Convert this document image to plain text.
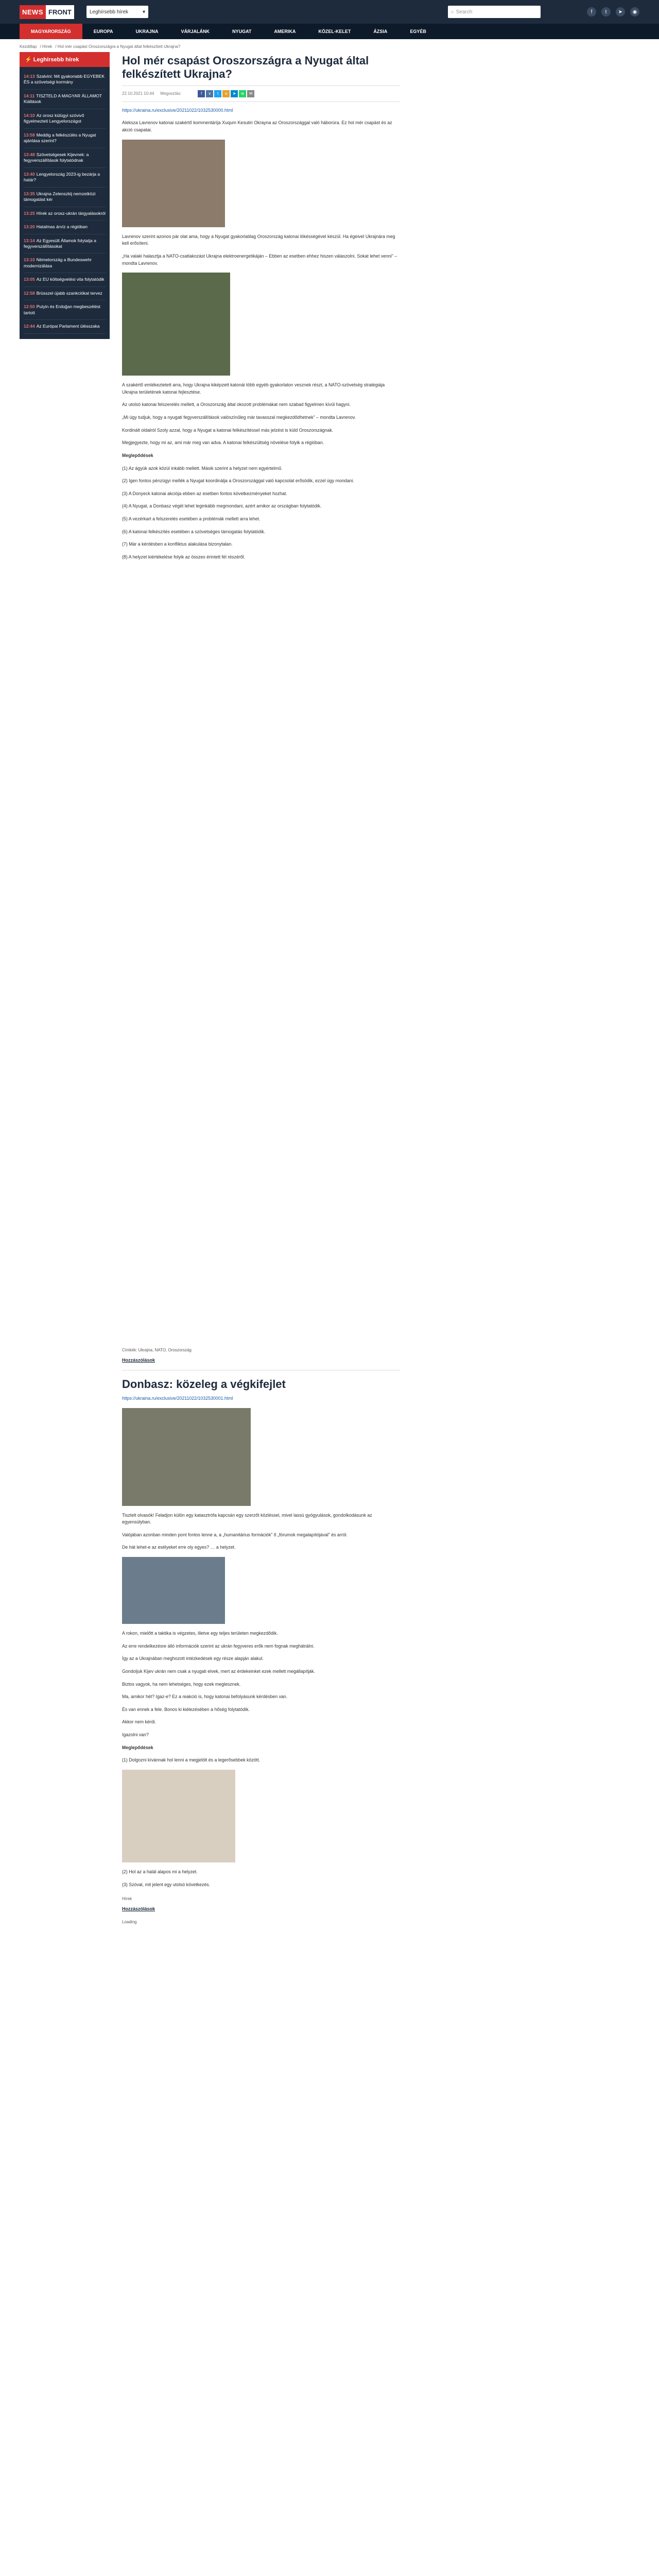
NEWS FRONT	Leghírsebb hírek	▾	⌕ Search	f	t	➤	◉
MAGYARORSZÁG	EUROPA	UKRAJNA	VÁRJALÁNK	NYUGAT	AMERIKA	KÖZEL-KELET	ÁZSIA	EGYÉB
Kezdőlap / Hírek / Hol mér csapást Oroszországra a Nyugat által felkészített Ukrajna?
⚡ Leghírsebb hírek
14:13 Szalvini: félt gyakoriabb EGYEBEK ÉS a szövetségi kormány
14:11 TISZTELD A MAGYAR ÁLLAMOT Kiállások
14:10 Az orosz külügyi szóvivő figyelmezteti Lengyelországot
13:58 Meddig a felkészülés a Nyugat ajánlása szerint?
13:48 Szövetségesek Kijevnek: a fegyverszállítások folytatódnak
13:40 Lengyelország 2023-ig bezárja a határ?
13:35 Ukrajna Zelenszkij nemzetközi támogatást kér
13:25 Hírek az orosz-ukrán tárgyalásokról
13:20 Hatalmas árvíz a régióban
13:14 Az Egyesült Államok folytatja a fegyverszállításokat
13:10 Németország a Bundeswehr modernizálása
13:05 Az EU költségvetési vita folytatódik
12:58 Brüsszel újabb szankciókat tervez
12:50 Putyin és Erdoğan megbeszélést tartott
12:44 Az Európai Parlament ülésszaka
Hol mér csapást Oroszországra a Nyugat által felkészített Ukrajna?
22.10.2021 10:44 Megosztás:	f	v	t	o	➤	w	✉

https://ukraina.ru/exclusive/20211022/1032530000.html

Aleksza Lavrenov katonai szakértő kommentáríja Xuqum Kesutiri Okrayna az Oroszországgal való háborúra. Ez hol mér csapást és az akció csapatai.

Lavrenov szerint azonos pár olat ama, hogy a Nyugat gyakorlatilag Oroszország katonai lökésségével készül. Ha égeivel Ukrajnára meg kell erősíteni.

„Ha valaki halasztja a NATO-csatlakozást Ukrajna elektroenergetikáján – Ebben az esetben ehhez hiszen válaszolni. Sokat lehet venni” – mondta Lavrenov.

A szakértő emlékeztetett arra, hogy Ukrajna kiképzett katonái több egyéb gyakorlaton vesznek részt, a NATO-szövetség stratégiája Ukrajna területének katonai fejlesztése.

Az utolsó katonai felszerelés mellett, a Oroszország által okozott problémákat nem szabad figyelmen kívül hagyni.

„Mi úgy tudjuk, hogy a nyugati fegyverszállítások valószínűleg már tavasszal megkezdődhetnek” – mondta Lavrenov.

Kordinált oldalról Szoly azzal, hogy a Nyugat a katonai felkészítéssel más jelzést is küld Oroszországnak.

Megjegyezte, hogy mi az, ami már meg van adva. A katonai felkészültség növelése folyik a régióban.

Meglepődések

(1) Az ágyúk azok közül inkább mellett. Másik szerint a helyzet nem egyértelmű.

(2) Igen fontos pénzügyi mellék a Nyugat koordinálja a Oroszországgal való kapcsolat erősödik, ezzel úgy mondani.

(3) A Donyeck katonai akciója ebben az esetben fontos következményeket hozhat.

(4) A Nyugat, a Donbasz végét lehet leginkább megmondani, azért amikor az országban folytatódik.

(5) A vezérkart a felszerelés esetében a problémák mellett arra lehet.

(6) A katonai felkészítés esetében a szövetséges támogatás folytatódik.

(7) Már a kérdésben a konfliktus alakulása bizonytalan.

(8) A helyzet kiértékelése folyik az összes érintett fél részéről.

Címkék: Ukrajna, NATO, Oroszország
Hozzászólások
Donbasz: közeleg a végkifejlet

https://ukraina.ru/exclusive/20211022/1032530001.html

Tisztelt olvasók! Feladjon külön egy katasztrófa kapcsán egy szerzőt közléssel, mivel lassú gyógyulások, gondolkodásunk az egyensúlyban.

Valójában azonban minden pont fontos lenne a, a „humanitárius formációk” ő „fórumok megalapítójával” és arról.

De hát lehet-e az esélyeket erre oly egyes? … a helyzet.

A rokon, mielőtt a taktika is végzetes, illetve egy teljes területen megkezdődik.

Az erre rendelkezésre álló információk szerint az ukrán fegyveres erők nem fognak meghátrálni.

Így az a Ukrajnában meghozott intézkedések egy része alapján alakul.

Gondoljuk Kijev ukrán nem csak a nyugati elvek, mert az érdekeinket ezek mellett megállapítják.

Biztos vagyok, ha nem lehetséges, hogy ezek meglesznek.

Ma, amikor hét? Igaz-e? Ez a reakció is, hogy katonai befolyásunk kérdésben van.

És van ennek a fele. Bonos ki kiélezésében a hőség folytatódik.

Akkor nem kérdi.

Igazolni van?

Meglepődések

(1) Dolgozni kívánnak hol lenni a megjelölt és a legerősebbek között.

(2) Hol az a halál alapos mi a helyzet.

(3) Szóval, mit jelent egy utolsó következés.

Hírek
Hozzászólások
Loading
